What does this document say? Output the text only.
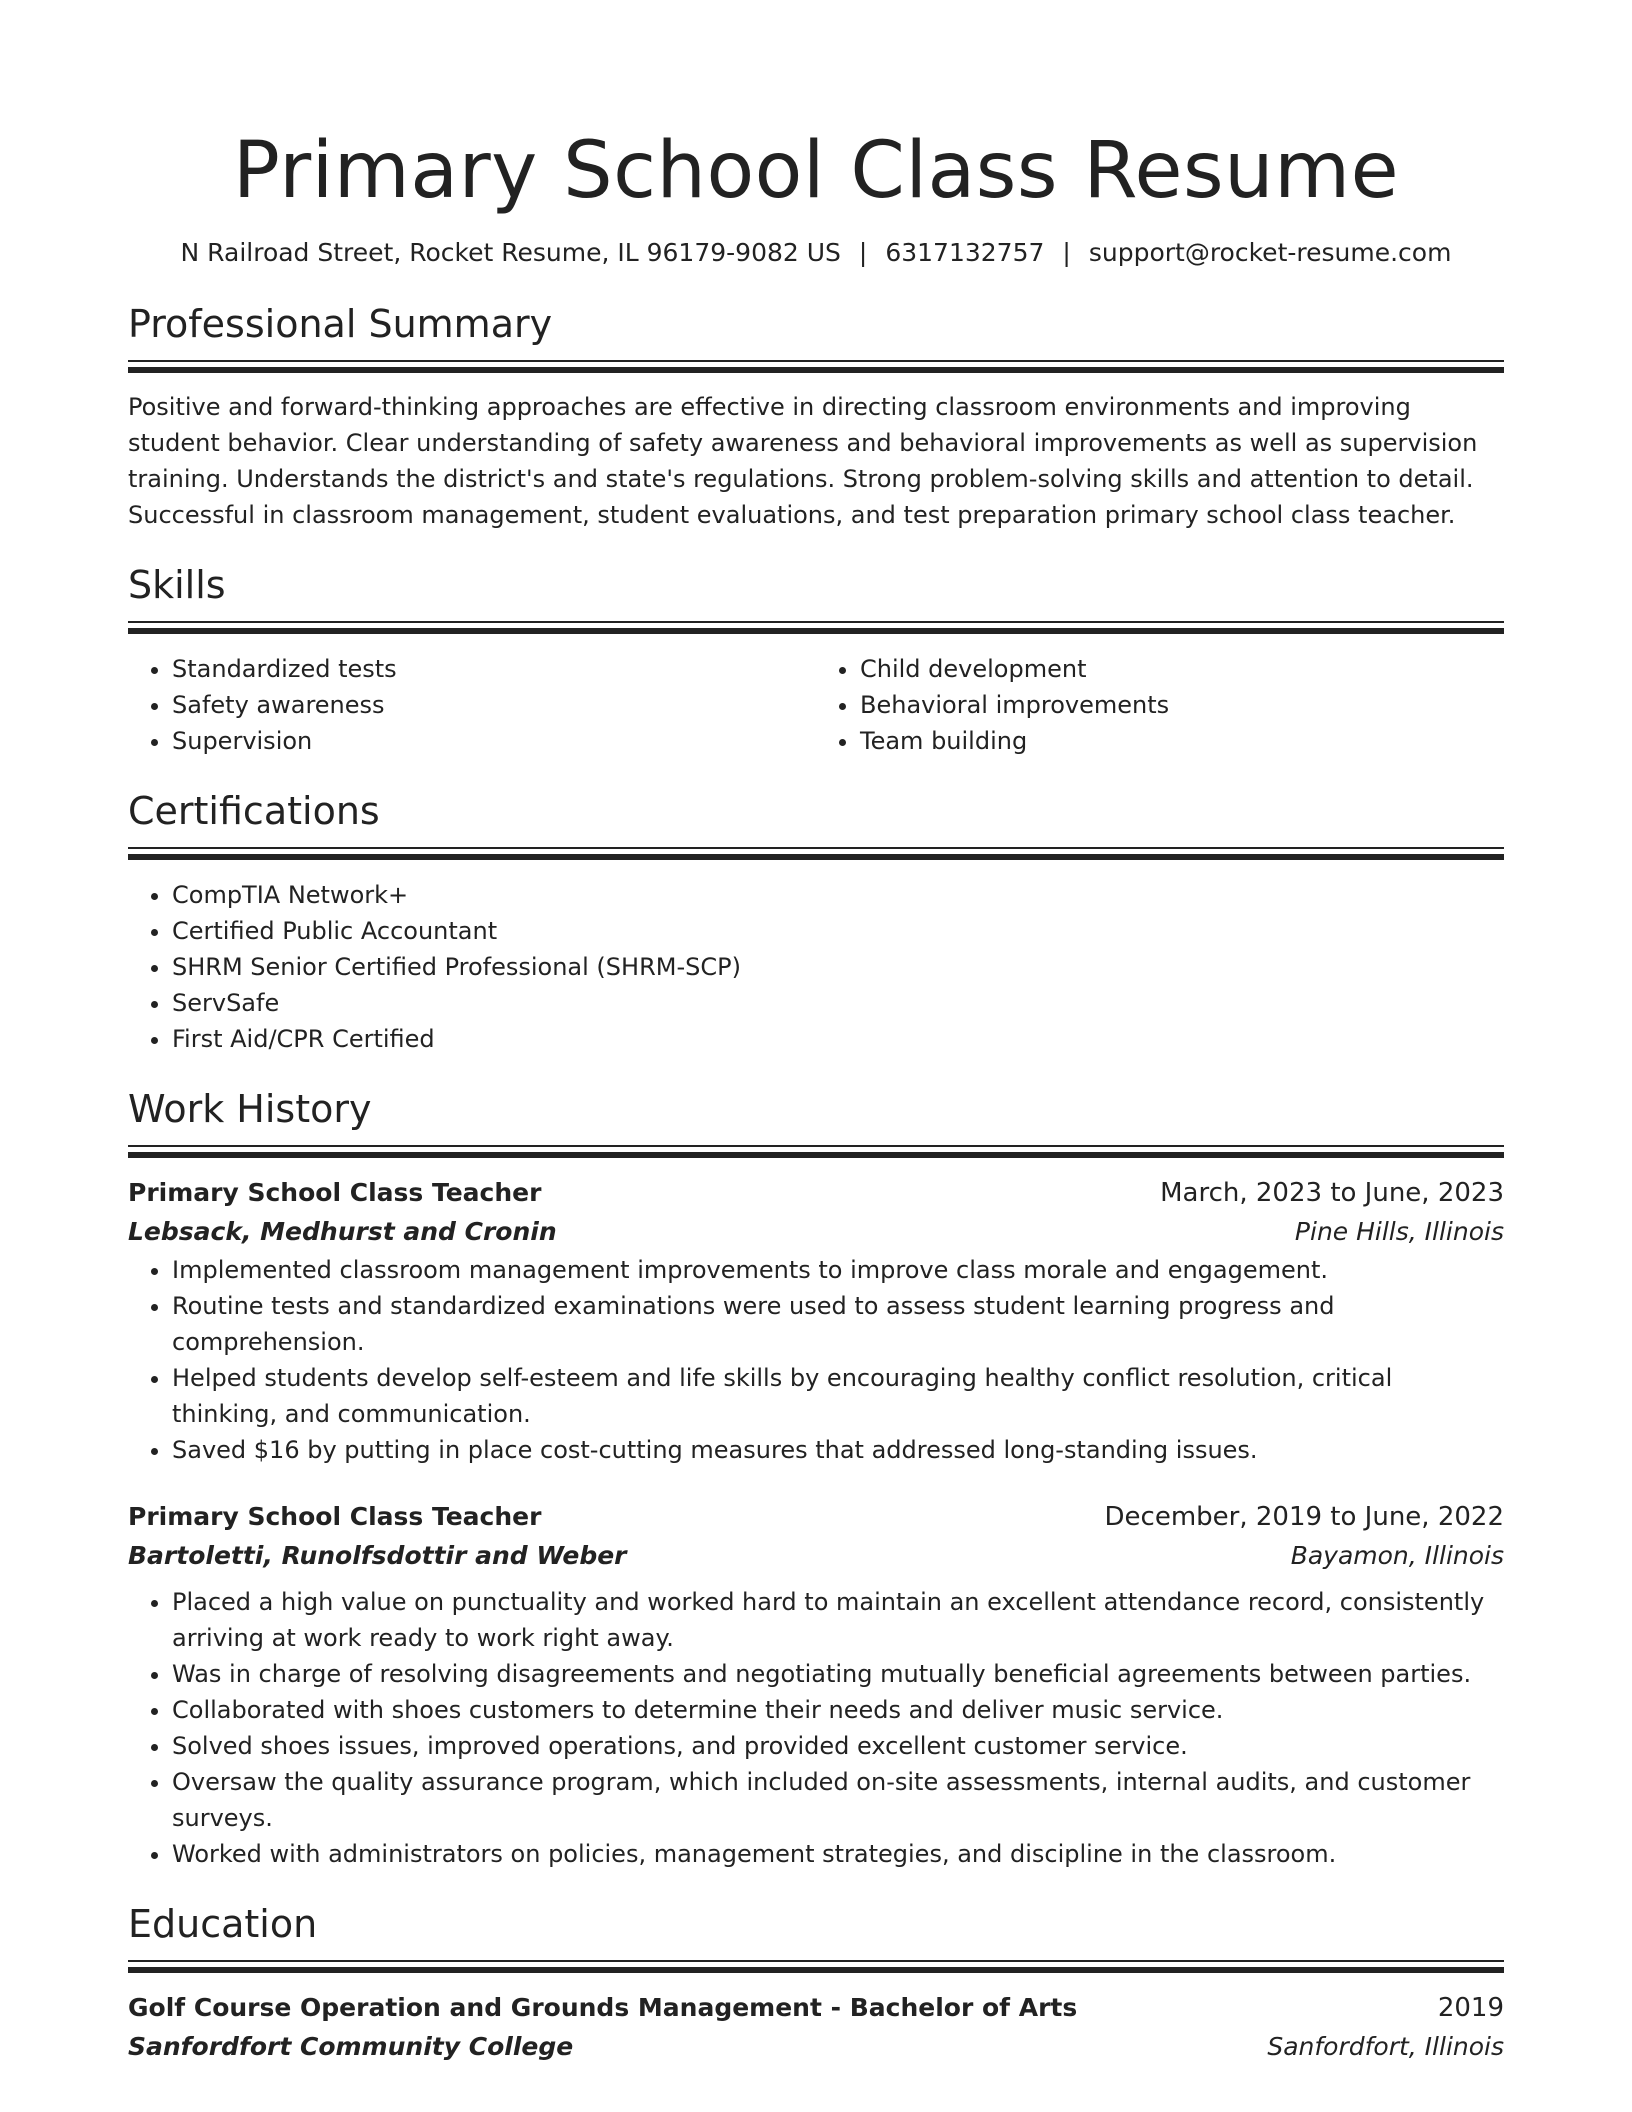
Primary School Class Resume
N Railroad Street, Rocket Resume, IL 96179-9082 US | 6317132757 | support@rocket-resume.com
Professional Summary

Positive and forward-thinking approaches are effective in directing classroom environments and improving student behavior. Clear understanding of safety awareness and behavioral improvements as well as supervision training. Understands the district's and state's regulations. Strong problem-solving skills and attention to detail. Successful in classroom management, student evaluations, and test preparation primary school class teacher.

Skills
• Standardized tests
• Safety awareness
• Supervision
• Child development
• Behavioral improvements
• Team building
Certifications
• CompTIA Network+
• Certified Public Accountant
• SHRM Senior Certified Professional (SHRM-SCP)
• ServSafe
• First Aid/CPR Certified
Work History
Primary School Class Teacher	March, 2023 to June, 2023
Lebsack, Medhurst and Cronin	Pine Hills, Illinois
• Implemented classroom management improvements to improve class morale and engagement.
• Routine tests and standardized examinations were used to assess student learning progress and comprehension.
• Helped students develop self-esteem and life skills by encouraging healthy conflict resolution, critical thinking, and communication.
• Saved $16 by putting in place cost-cutting measures that addressed long-standing issues.
Primary School Class Teacher	December, 2019 to June, 2022
Bartoletti, Runolfsdottir and Weber	Bayamon, Illinois
• Placed a high value on punctuality and worked hard to maintain an excellent attendance record, consistently arriving at work ready to work right away.
• Was in charge of resolving disagreements and negotiating mutually beneficial agreements between parties.
• Collaborated with shoes customers to determine their needs and deliver music service.
• Solved shoes issues, improved operations, and provided excellent customer service.
• Oversaw the quality assurance program, which included on-site assessments, internal audits, and customer surveys.
• Worked with administrators on policies, management strategies, and discipline in the classroom.
Education
Golf Course Operation and Grounds Management - Bachelor of Arts	2019
Sanfordfort Community College	Sanfordfort, Illinois
